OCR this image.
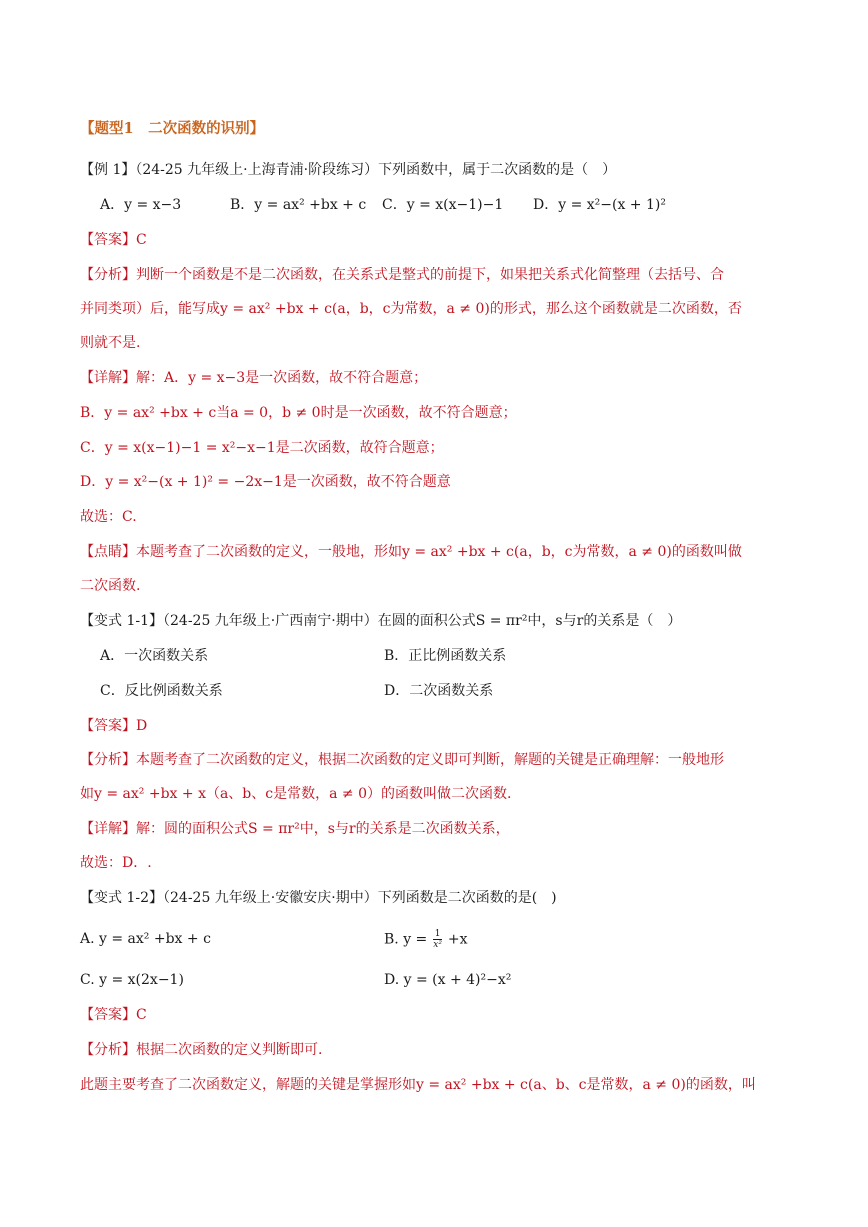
【题型1　二次函数的识别】
【例 1】（24-25 九年级上·上海青浦·阶段练习）下列函数中，属于二次函数的是（　）
A．y = x−3	B．y = ax² +bx + c C．y = x(x−1)−1 D．y = x²−(x + 1)²
【答案】C
【分析】判断一个函数是不是二次函数，在关系式是整式的前提下，如果把关系式化简整理（去括号、合
并同类项）后，能写成y = ax² +bx + c(a，b，c为常数，a ≠ 0)的形式，那么这个函数就是二次函数，否
则就不是.
【详解】解：A．y = x−3是一次函数，故不符合题意；
B．y = ax² +bx + c当a = 0，b ≠ 0时是一次函数，故不符合题意；
C．y = x(x−1)−1 = x²−x−1是二次函数，故符合题意；
D．y = x²−(x + 1)² = −2x−1是一次函数，故不符合题意
故选：C.
【点睛】本题考查了二次函数的定义，一般地，形如y = ax² +bx + c(a，b，c为常数，a ≠ 0)的函数叫做
二次函数.
【变式 1-1】（24-25 九年级上·广西南宁·期中）在圆的面积公式S = πr²中，s与r的关系是（　）
A．一次函数关系	B．正比例函数关系
C．反比例函数关系	D．二次函数关系
【答案】D
【分析】本题考查了二次函数的定义，根据二次函数的定义即可判断，解题的关键是正确理解：一般地形
如y = ax² +bx + x（a、b、c是常数，a ≠ 0）的函数叫做二次函数.
【详解】解：圆的面积公式S = πr²中，s与r的关系是二次函数关系，
故选：D．.
【变式 1-2】（24-25 九年级上·安徽安庆·期中）下列函数是二次函数的是(　)
A. y = ax² +bx + c	B. $y = \frac{1}{\text{x²}} +x$
C. y = x(2x−1)	D. y = (x + 4)²−x²
【答案】C
【分析】根据二次函数的定义判断即可.
此题主要考查了二次函数定义，解题的关键是掌握形如y = ax² +bx + c(a、b、c是常数，a ≠ 0)的函数，叫
